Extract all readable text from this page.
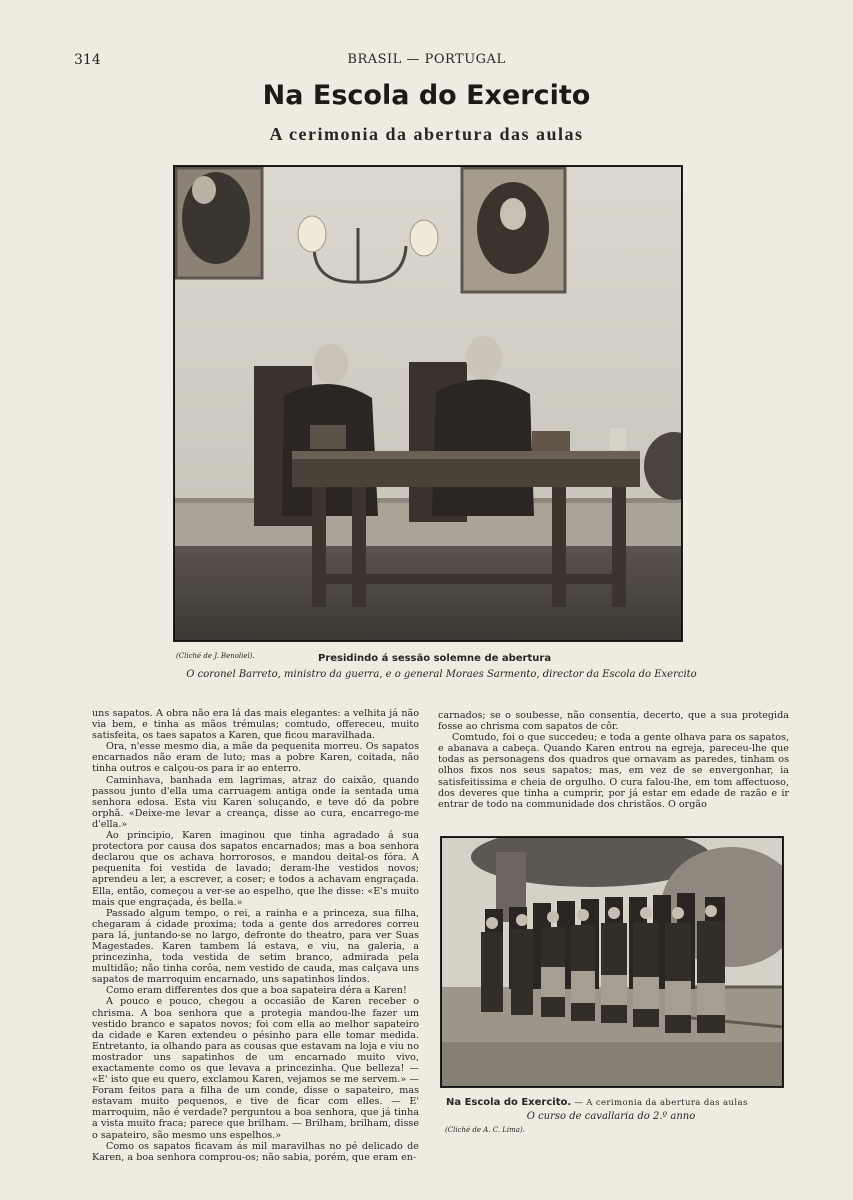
314	BRASIL — PORTUGAL
Na Escola do Exercito
A cerimonia da abertura das aulas
(Cliché de J. Benoliel).	Presidindo á sessão solemne de abertura
O coronel Barreto, ministro da guerra, e o general Moraes Sarmento, director da Escola do Exercito

uns sapatos. A obra não era lá das mais elegantes: a velhita já não via bem, e tinha as mãos trémulas; comtudo, offereceu, muito satisfeita, os taes sapatos a Karen, que ficou maravilhada.

Ora, n'esse mesmo dia, a mãe da pequenita morreu. Os sapatos encarnados não eram de luto; mas a pobre Karen, coitada, não tinha outros e calçou-os para ir ao enterro.

Caminhava, banhada em lagrimas, atraz do caixão, quando passou junto d'ella uma carruagem antiga onde ia sentada uma senhora edosa. Esta viu Karen soluçando, e teve dó da pobre orphã. «Deixe-me levar a creança, disse ao cura, encarrego-me d'ella.»

Ao principio, Karen imaginou que tinha agradado á sua protectora por causa dos sapatos encarnados; mas a boa senhora declarou que os achava horrorosos, e mandou deital-os fóra. A pequenita foi vestida de lavado; deram-lhe vestidos novos; aprendeu a ler, a escrever, a coser; e todos a achavam engraçada. Ella, então, começou a ver-se ao espelho, que lhe disse: «E's muito mais que engraçada, és bella.»

Passado algum tempo, o rei, a rainha e a princeza, sua filha, chegaram á cidade proxima; toda a gente dos arredores correu para lá, juntando-se no largo, defronte do theatro, para ver Suas Magestades. Karen tambem lá estava, e viu, na galeria, a princezinha, toda vestida de setim branco, admirada pela multidão; não tinha corôa, nem vestido de cauda, mas calçava uns sapatos de marroquim encarnado, uns sapatinhos lindos.

Como eram differentes dos que a boa sapateira déra a Karen!

A pouco e pouco, chegou a occasião de Karen receber o chrisma. A boa senhora que a protegia mandou-lhe fazer um vestido branco e sapatos novos; foi com ella ao melhor sapateiro da cidade e Karen extendeu o pésinho para elle tomar medida. Entretanto, ia olhando para as cousas que estavam na loja e viu no mostrador uns sapatinhos de um encarnado muito vivo, exactamente como os que levava a princezinha. Que belleza! — «E' isto que eu quero, exclamou Karen, vejamos se me servem.» — Foram feitos para a filha de um conde, disse o sapateiro, mas estavam muito pequenos, e tive de ficar com elles. — E' marroquim, não é verdade? perguntou a boa senhora, que já tinha a vista muito fraca; parece que brilham. — Brilham, brilham, disse o sapateiro, são mesmo uns espelhos.»

Como os sapatos ficavam ás mil maravilhas no pé delicado de Karen, a boa senhora comprou-os; não sabia, porém, que eram en-

carnados; se o soubesse, não consentia, decerto, que a sua protegida fosse ao chrisma com sapatos de côr.

Comtudo, foi o que succedeu; e toda a gente olhava para os sapatos, e abanava a cabeça. Quando Karen entrou na egreja, pareceu-lhe que todas as personagens dos quadros que ornavam as paredes, tinham os olhos fixos nos seus sapatos; mas, em vez de se envergonhar, ia satisfeitissima e cheia de orgulho. O cura falou-lhe, em tom affectuoso, dos deveres que tinha a cumprir, por já estar em edade de razão e ir entrar de todo na communidade dos christãos. O orgão

Na Escola do Exercito. — A cerimonia da abertura das aulas
O curso de cavallaria do 2.º anno
(Cliché de A. C. Lima).
